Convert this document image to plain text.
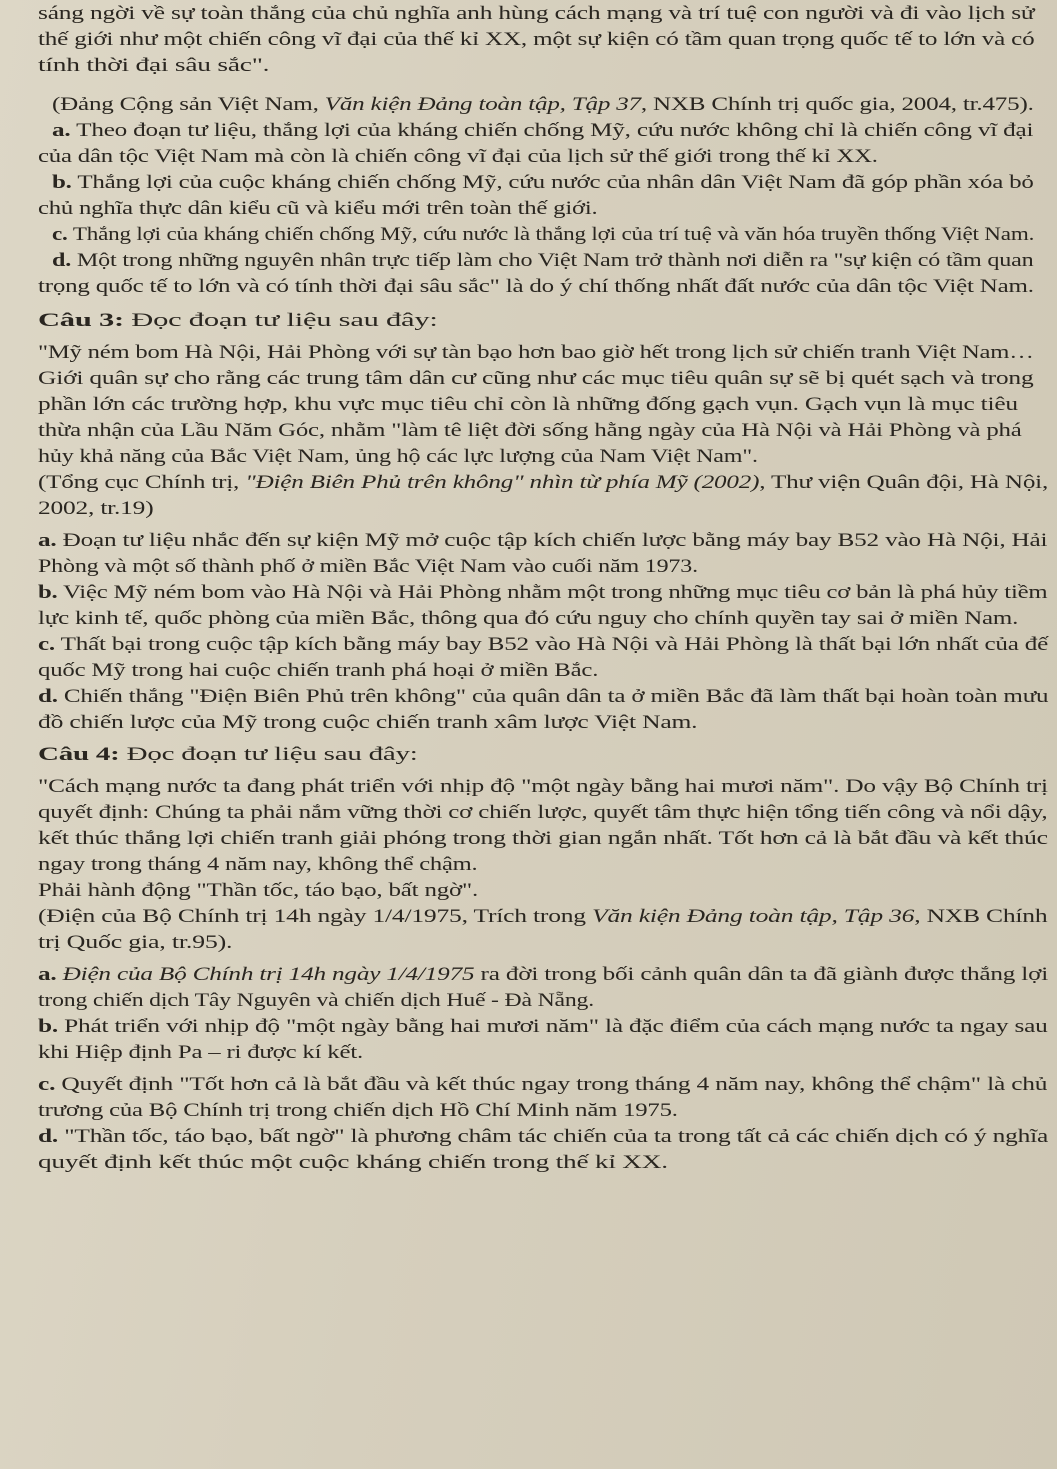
sáng ngời về sự toàn thắng của chủ nghĩa anh hùng cách mạng và trí tuệ con người và đi vào lịch sử
thế giới như một chiến công vĩ đại của thế kỉ XX, một sự kiện có tầm quan trọng quốc tế to lớn và có
tính thời đại sâu sắc".
(Đảng Cộng sản Việt Nam, Văn kiện Đảng toàn tập, Tập 37, NXB Chính trị quốc gia, 2004, tr.475).
a. Theo đoạn tư liệu, thắng lợi của kháng chiến chống Mỹ, cứu nước không chỉ là chiến công vĩ đại
của dân tộc Việt Nam mà còn là chiến công vĩ đại của lịch sử thế giới trong thế kỉ XX.
b. Thắng lợi của cuộc kháng chiến chống Mỹ, cứu nước của nhân dân Việt Nam đã góp phần xóa bỏ
chủ nghĩa thực dân kiểu cũ và kiểu mới trên toàn thế giới.
c. Thắng lợi của kháng chiến chống Mỹ, cứu nước là thắng lợi của trí tuệ và văn hóa truyền thống Việt Nam.
d. Một trong những nguyên nhân trực tiếp làm cho Việt Nam trở thành nơi diễn ra "sự kiện có tầm quan
trọng quốc tế to lớn và có tính thời đại sâu sắc" là do ý chí thống nhất đất nước của dân tộc Việt Nam.
Câu 3: Đọc đoạn tư liệu sau đây:
"Mỹ ném bom Hà Nội, Hải Phòng với sự tàn bạo hơn bao giờ hết trong lịch sử chiến tranh Việt Nam…
Giới quân sự cho rằng các trung tâm dân cư cũng như các mục tiêu quân sự sẽ bị quét sạch và trong
phần lớn các trường hợp, khu vực mục tiêu chỉ còn là những đống gạch vụn. Gạch vụn là mục tiêu
thừa nhận của Lầu Năm Góc, nhằm "làm tê liệt đời sống hằng ngày của Hà Nội và Hải Phòng và phá
hủy khả năng của Bắc Việt Nam, ủng hộ các lực lượng của Nam Việt Nam".
(Tổng cục Chính trị, "Điện Biên Phủ trên không" nhìn từ phía Mỹ (2002), Thư viện Quân đội, Hà Nội,
2002, tr.19)
a. Đoạn tư liệu nhắc đến sự kiện Mỹ mở cuộc tập kích chiến lược bằng máy bay B52 vào Hà Nội, Hải
Phòng và một số thành phố ở miền Bắc Việt Nam vào cuối năm 1973.
b. Việc Mỹ ném bom vào Hà Nội và Hải Phòng nhằm một trong những mục tiêu cơ bản là phá hủy tiềm
lực kinh tế, quốc phòng của miền Bắc, thông qua đó cứu nguy cho chính quyền tay sai ở miền Nam.
c. Thất bại trong cuộc tập kích bằng máy bay B52 vào Hà Nội và Hải Phòng là thất bại lớn nhất của đế
quốc Mỹ trong hai cuộc chiến tranh phá hoại ở miền Bắc.
d. Chiến thắng "Điện Biên Phủ trên không" của quân dân ta ở miền Bắc đã làm thất bại hoàn toàn mưu
đồ chiến lược của Mỹ trong cuộc chiến tranh xâm lược Việt Nam.
Câu 4: Đọc đoạn tư liệu sau đây:
"Cách mạng nước ta đang phát triển với nhịp độ "một ngày bằng hai mươi năm". Do vậy Bộ Chính trị
quyết định: Chúng ta phải nắm vững thời cơ chiến lược, quyết tâm thực hiện tổng tiến công và nổi dậy,
kết thúc thắng lợi chiến tranh giải phóng trong thời gian ngắn nhất. Tốt hơn cả là bắt đầu và kết thúc
ngay trong tháng 4 năm nay, không thể chậm.
Phải hành động "Thần tốc, táo bạo, bất ngờ".
(Điện của Bộ Chính trị 14h ngày 1/4/1975, Trích trong Văn kiện Đảng toàn tập, Tập 36, NXB Chính
trị Quốc gia, tr.95).
a. Điện của Bộ Chính trị 14h ngày 1/4/1975 ra đời trong bối cảnh quân dân ta đã giành được thắng lợi
trong chiến dịch Tây Nguyên và chiến dịch Huế - Đà Nẵng.
b. Phát triển với nhịp độ "một ngày bằng hai mươi năm" là đặc điểm của cách mạng nước ta ngay sau
khi Hiệp định Pa – ri được kí kết.
c. Quyết định "Tốt hơn cả là bắt đầu và kết thúc ngay trong tháng 4 năm nay, không thể chậm" là chủ
trương của Bộ Chính trị trong chiến dịch Hồ Chí Minh năm 1975.
d. "Thần tốc, táo bạo, bất ngờ" là phương châm tác chiến của ta trong tất cả các chiến dịch có ý nghĩa
quyết định kết thúc một cuộc kháng chiến trong thế kỉ XX.
